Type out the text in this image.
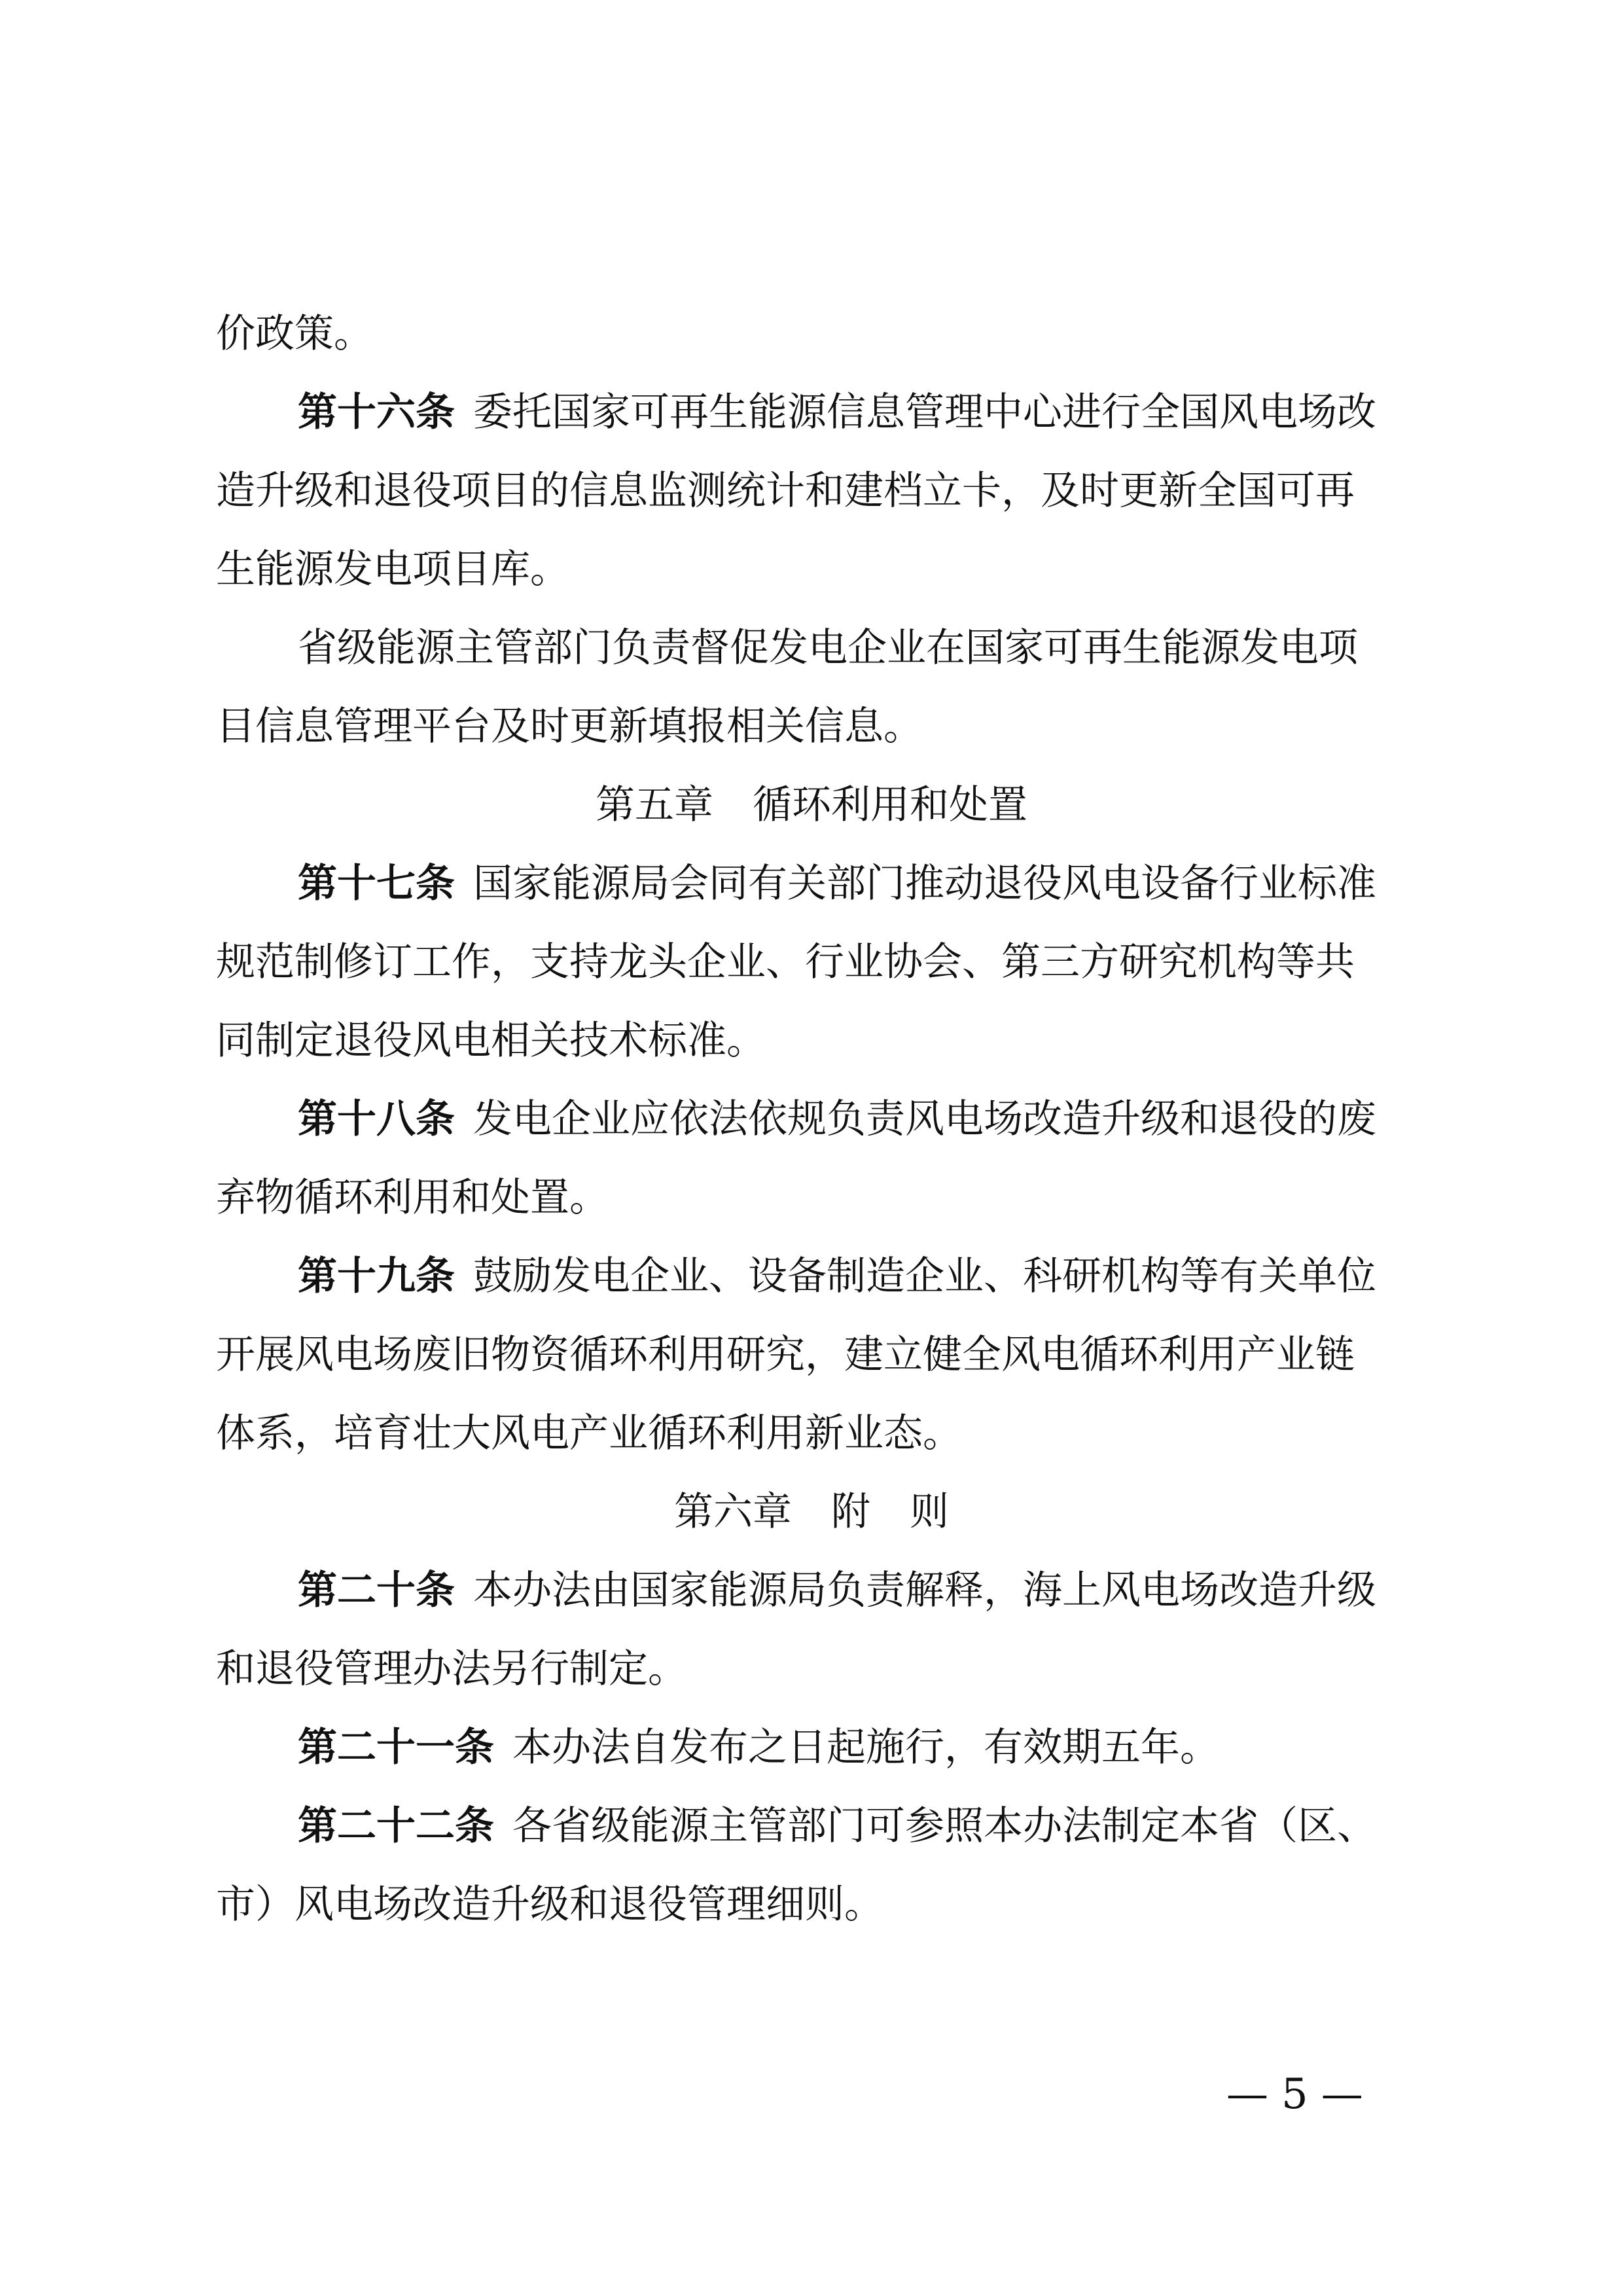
价政策。
第十六条 委托国家可再生能源信息管理中心进行全国风电场改
造升级和退役项目的信息监测统计和建档立卡，及时更新全国可再
生能源发电项目库。
省级能源主管部门负责督促发电企业在国家可再生能源发电项
目信息管理平台及时更新填报相关信息。
第五章 循环利用和处置
第十七条 国家能源局会同有关部门推动退役风电设备行业标准
规范制修订工作，支持龙头企业、行业协会、第三方研究机构等共
同制定退役风电相关技术标准。
第十八条 发电企业应依法依规负责风电场改造升级和退役的废
弃物循环利用和处置。
第十九条 鼓励发电企业、设备制造企业、科研机构等有关单位
开展风电场废旧物资循环利用研究，建立健全风电循环利用产业链
体系，培育壮大风电产业循环利用新业态。
第六章 附 则
第二十条 本办法由国家能源局负责解释，海上风电场改造升级
和退役管理办法另行制定。
第二十一条 本办法自发布之日起施行，有效期五年。
第二十二条 各省级能源主管部门可参照本办法制定本省（区、
市）风电场改造升级和退役管理细则。
— 5 —
